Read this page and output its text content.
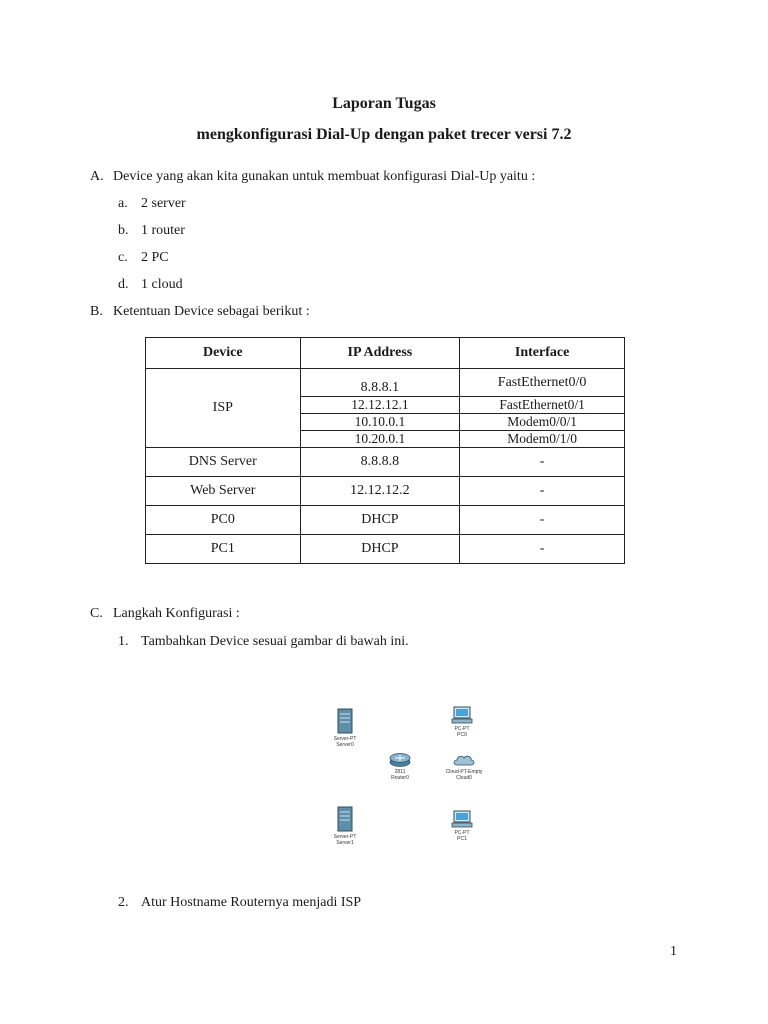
Laporan Tugas
mengkonfigurasi Dial-Up dengan paket trecer versi 7.2
A. Device yang akan kita gunakan untuk membuat konfigurasi Dial-Up yaitu :
a. 2 server
b. 1 router
c. 2 PC
d. 1 cloud
B. Ketentuan Device sebagai berikut :
Device	IP Address	Interface
ISP	8.8.8.1	FastEthernet0/0
	12.12.12.1	FastEthernet0/1
	10.10.0.1	Modem0/0/1
	10.20.0.1	Modem0/1/0
DNS Server	8.8.8.8	-
Web Server	12.12.12.2	-
PC0	DHCP	-
PC1	DHCP	-
C. Langkah Konfigurasi :
1. Tambahkan Device sesuai gambar di bawah ini.
Server-PT
Server0
PC-PT
PC0
2811
Router0
Cloud-PT-Empty
Cloud0
Server-PT
Server1
PC-PT
PC1
2. Atur Hostname Routernya menjadi ISP
1
